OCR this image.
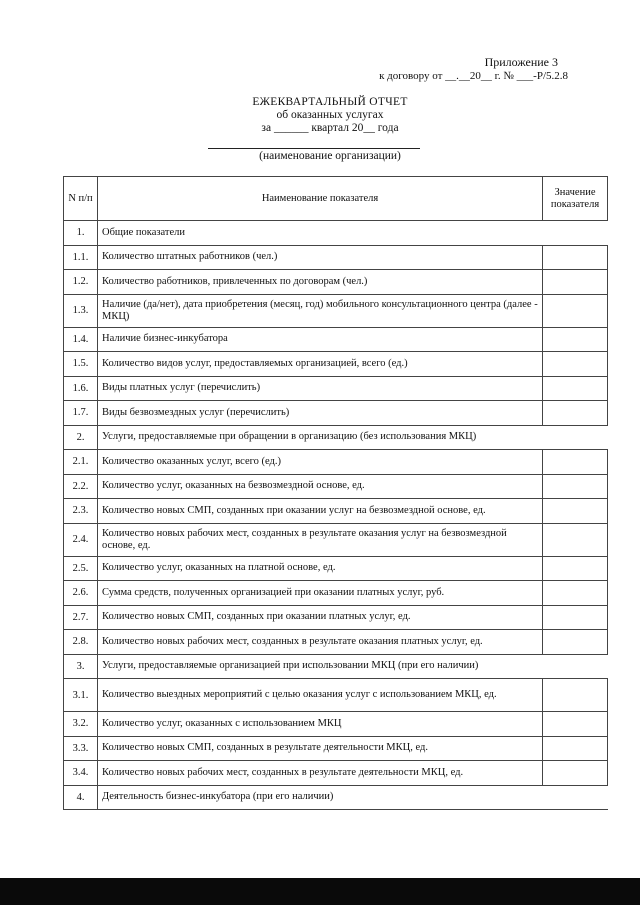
Приложение 3
к договору от __.__20__ г. № ___-Р/5.2.8
ЕЖЕКВАРТАЛЬНЫЙ ОТЧЕТ
об оказанных услугах
за ______ квартал 20__ года
(наименование организации)
N п/п	Наименование показателя	Значение показателя
1.	Общие показатели	
1.1.	Количество штатных работников (чел.)	
1.2.	Количество работников, привлеченных по договорам (чел.)	
1.3.	Наличие (да/нет), дата приобретения (месяц, год) мобильного консультационного центра (далее - МКЦ)	
1.4.	Наличие бизнес-инкубатора	
1.5.	Количество видов услуг, предоставляемых организацией, всего (ед.)	
1.6.	Виды платных услуг (перечислить)	
1.7.	Виды безвозмездных услуг (перечислить)	
2.	Услуги, предоставляемые при обращении в организацию (без использования МКЦ)	
2.1.	Количество оказанных услуг, всего (ед.)	
2.2.	Количество услуг, оказанных на безвозмездной основе, ед.	
2.3.	Количество новых СМП, созданных при оказании услуг на безвозмездной основе, ед.	
2.4.	Количество новых рабочих мест, созданных в результате оказания услуг на безвозмездной основе, ед.	
2.5.	Количество услуг, оказанных на платной основе, ед.	
2.6.	Сумма средств, полученных организацией при оказании платных услуг, руб.	
2.7.	Количество новых СМП, созданных при оказании платных услуг, ед.	
2.8.	Количество новых рабочих мест, созданных в результате оказания платных услуг, ед.	
3.	Услуги, предоставляемые организацией при использовании МКЦ (при его наличии)	
3.1.	Количество выездных мероприятий с целью оказания услуг с использованием МКЦ, ед.	
3.2.	Количество услуг, оказанных с использованием МКЦ	
3.3.	Количество новых СМП, созданных в результате деятельности МКЦ, ед.	
3.4.	Количество новых рабочих мест, созданных в результате деятельности МКЦ, ед.	
4.	Деятельность бизнес-инкубатора (при его наличии)	
